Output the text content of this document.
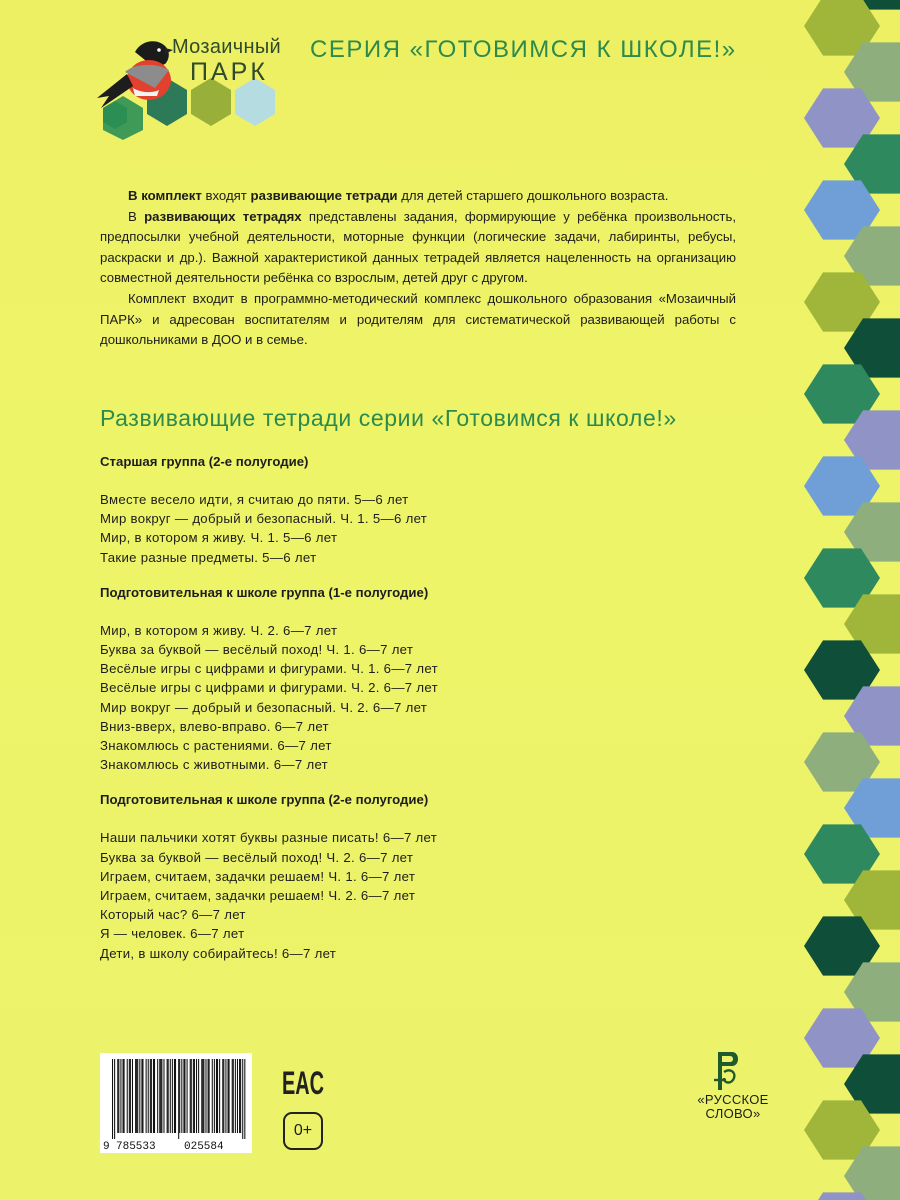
Мозаичный
ПАРК
СЕРИЯ «ГОТОВИМСЯ К ШКОЛЕ!»

В комплект входят развивающие тетради для детей старшего дошкольного возраста.

В развивающих тетрадях представлены задания, формирующие у ребёнка произвольность, предпосылки учебной деятельности, моторные функции (логические задачи, лабиринты, ребусы, раскраски и др.). Важной характеристикой данных тетрадей является нацеленность на организацию совместной деятельности ребёнка со взрослым, детей друг с другом.

Комплект входит в программно-методический комплекс дошкольного образования «Мозаичный ПАРК» и адресован воспитателям и родителям для систематической развивающей работы с дошкольниками в ДОО и в семье.

Развивающие тетради серии «Готовимся к школе!»
Старшая группа (2-е полугодие)
Вместе весело идти, я считаю до пяти. 5—6 лет
Мир вокруг — добрый и безопасный. Ч. 1. 5—6 лет
Мир, в котором я живу. Ч. 1. 5—6 лет
Такие разные предметы. 5—6 лет
Подготовительная к школе группа (1-е полугодие)
Мир, в котором я живу. Ч. 2. 6—7 лет
Буква за буквой — весёлый поход! Ч. 1. 6—7 лет
Весёлые игры с цифрами и фигурами. Ч. 1. 6—7 лет
Весёлые игры с цифрами и фигурами. Ч. 2. 6—7 лет
Мир вокруг — добрый и безопасный. Ч. 2. 6—7 лет
Вниз-вверх, влево-вправо. 6—7 лет
Знакомлюсь с растениями. 6—7 лет
Знакомлюсь с животными. 6—7 лет
Подготовительная к школе группа (2-е полугодие)
Наши пальчики хотят буквы разные писать! 6—7 лет
Буква за буквой — весёлый поход! Ч. 2. 6—7 лет
Играем, считаем, задачки решаем! Ч. 1. 6—7 лет
Играем, считаем, задачки решаем! Ч. 2. 6—7 лет
Который час? 6—7 лет
Я — человек. 6—7 лет
Дети, в школу собирайтесь! 6—7 лет
9 785533	025584
EAC
0+
«РУССКОЕ
СЛОВО»
